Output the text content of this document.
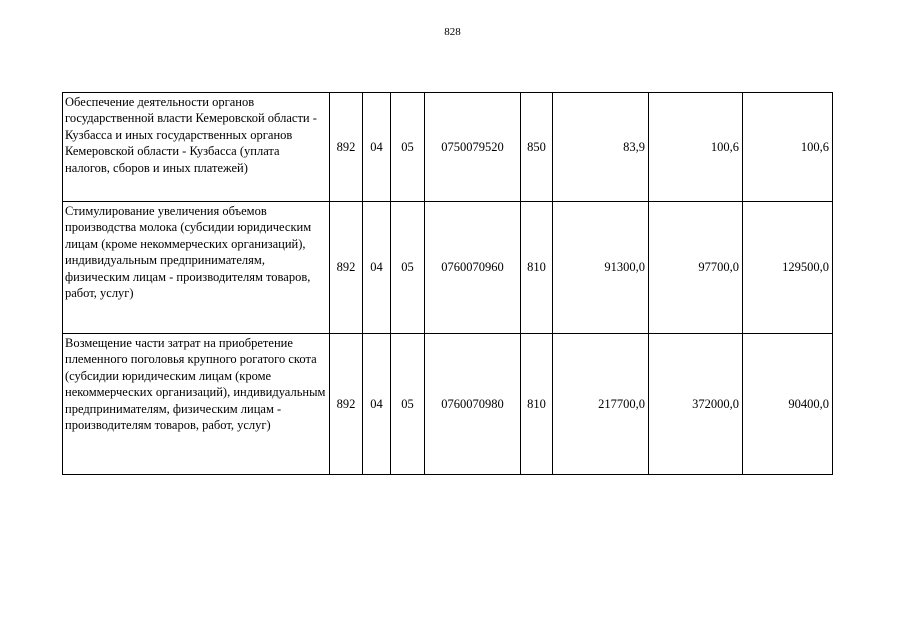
828
Обеспечение деятельности органов государственной власти Кемеровской области - Кузбасса и иных государственных органов Кемеровской области - Кузбасса (уплата налогов, сборов и иных платежей)	892	04	05	0750079520	850	83,9	100,6	100,6
Стимулирование увеличения объемов производства молока (субсидии юридическим лицам (кроме некоммерческих организаций), индивидуальным предпринимателям, физическим лицам - производителям товаров, работ, услуг)	892	04	05	0760070960	810	91300,0	97700,0	129500,0
Возмещение части затрат на приобретение племенного поголовья крупного рогатого скота (субсидии юридическим лицам (кроме некоммерческих организаций), индивидуальным предпринимателям, физическим лицам - производителям товаров, работ, услуг)	892	04	05	0760070980	810	217700,0	372000,0	90400,0
